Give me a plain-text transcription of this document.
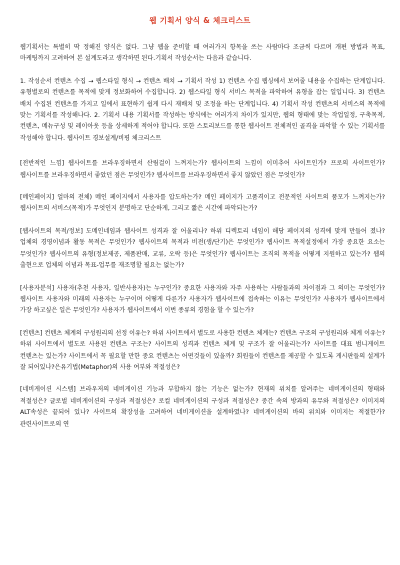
웹 기획서 양식 & 체크리스트

웹기획서는 특별히 딱 정해진 양식은 없다. 그냥 웹을 준비할 때 여러가지 항목을 쓰는 사람마다 조금씩 다르며 개편 방법과 목표, 마케팅까지 고려하여 본 설계도라고 생각하면 된다.기획서 작성순서는 다음과 같습니다.

1. 작성순서 컨텐츠 수집 → 웹스타일 형식 → 컨텐츠 배치 → 기획서 작성 1) 컨텐츠 수집 웹싱에서 보여줄 내용을 수집하는 단계입니다. 유형별로의 컨텐츠를 목적에 맞게 정보화하여 수집합니다. 2) 웹스타일 형식 서비스 목적을 파악하여 유형을 잡는 일입니다. 3) 컨텐츠 배치 수집된 컨텐츠를 가지고 일에서 표현하기 쉽게 다시 재배치 및 조정을 하는 단계입니다. 4) 기획서 작성 컨텐츠의 서비스의 목적에 맞는 기획서를 작성해나다. 2. 기획서 내용 기획서를 작성하는 방식에는 여러가지 차이가 있지만, 웹의 형태에 맞는 작업일정, 구축목적, 컨텐츠, 메뉴구성 및 레이아웃 등을 상세하게 적어야 합니다. 또한 스토리보드를 통한 웹사이트 전체적인 골격을 파악할 수 있는 기획서를 작성해야 합니다. 웹사이트 경보설계/비평 체크리스트

[전반적인 느낌] 웹사이트를 브라우징하면서 산림걸이 느껴지는가? 웹사이트의 느낌이 이미추어 사이트인가? 프로의 사이트인가? 웹사이트를 브라우징하면서 좋았던 점은 무엇인가? 웹사이트를 브라우징하면서 좋지 않았던 점은 무엇인가?

[메인페이지] 얼마의 전체) 메인 페이지에서 사용자를 압도하는가? 메인 페이지가 고품격이고 전문적인 사이트의 품모가 느껴지는가? 웹사이트의 서비스(목적)가 무엇인지 분명하고 단순하게, 그리고 짧은 시간에 파악되는가?

[웹사이트의 목적/정보] 도메인네임과 웹사이트 성격과 잘 어울리나? 하위 디렉토리 네임이 해당 페이지의 성격에 맞게 만들어 졌나? 업체의 경영이념과 활동 목적은 무엇인가? 웹사이트의 목적과 비전(생/단기)은 무엇인가? 웹사이트 목적설정에서 가장 중요한 요소는 무엇인가? 웹사이트의 유형(정보제공, 제품판매, 교류, 오락 등)은 무엇인가? 웹사이트는 조직의 목적을 어떻게 지원하고 있는가? 웹의 출현으로 업체의 이념과 목표-업무를 재조명할 필요는 없는가?

[사용자분석] 사용자(추천 사용자, 일반사용자)는 누구인가? 중요한 사용자와 자주 사용하는 사람들과의 차이점과 그 의미는 무엇인가? 웹사이트 사용자와 미래의 사용자는 누구이며 어떻게 다른가? 사용자가 웹사이트에 접속하는 이유는 무엇인가? 사용자가 웹사이트에서 가장 하고싶은 일은 무엇인가? 사용자가 웹사이트에서 이번 종류의 경험을 할 수 있는가?

[컨텐츠] 컨텐츠 체계의 구성원리의 선정 이유는? 하위 사이트에서 별도로 사용한 컨텐츠 체계는? 컨텐츠 구조의 구성원리와 체계 이유는? 하위 사이트에서 별도로 사용된 컨텐츠 구조는? 사이트의 성격과 컨텐츠 체계 및 구조가 잘 어울리는가? 사이트를 대표 범니게이트 컨텐츠는 있는가? 사이트에서 꼭 필요할 만한 중요 컨텐츠는 어떤것들이 있을까? 회원들이 컨텐츠를 제공할 수 있도록 게시판들의 설계가 잘 되어있나?은유기법(Metaphor)의 사용 여부와 적절성은?

[네비게이션 시스템] 브라우저의 네비게이션 기능과 부합하지 않는 기능은 없는가? 현재의 위치를 알려주는 네비게이션의 형태와 적절성은? 글로벌 네비게이션의 구성과 적절성은? 로컬 네비게이션의 구성과 적절성은? 중간 속의 방과의 유무와 적절성은? 이미지의 ALT속성은 끝되어 있나? 사이트의 확장성을 고려하여 네비게이션을 설계하였나? 네비게이션의 바의 위치와 이미지는 적절한가? 관련사이트로의 연
